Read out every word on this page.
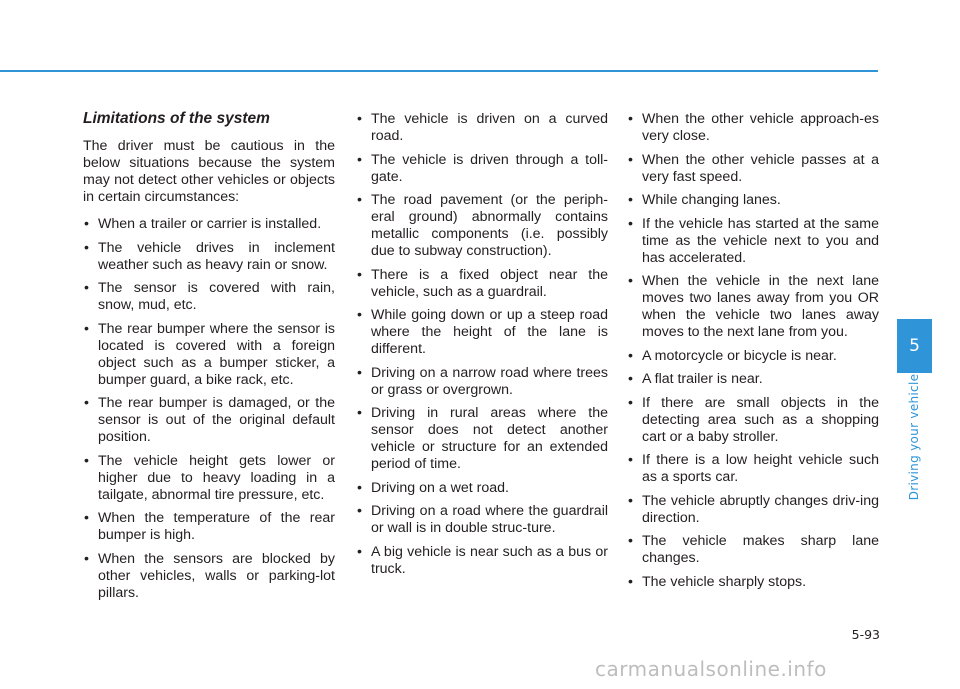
Limitations of the system
The driver must be cautious in the below situations because the system may not detect other vehicles or objects in certain circumstances:
• When a trailer or carrier is installed.
• The vehicle drives in inclement weather such as heavy rain or snow.
• The sensor is covered with rain, snow, mud, etc.
• The rear bumper where the sensor is located is covered with a foreign object such as a bumper sticker, a bumper guard, a bike rack, etc.
• The rear bumper is damaged, or the sensor is out of the original default position.
• The vehicle height gets lower or higher due to heavy loading in a tailgate, abnormal tire pressure, etc.
• When the temperature of the rear bumper is high.
• When the sensors are blocked by other vehicles, walls or parking-lot pillars.
• The vehicle is driven on a curved road.
• The vehicle is driven through a toll-gate.
• The road pavement (or the periph-eral ground) abnormally contains metallic components (i.e. possibly due to subway construction).
• There is a fixed object near the vehicle, such as a guardrail.
• While going down or up a steep road where the height of the lane is different.
• Driving on a narrow road where trees or grass or overgrown.
• Driving in rural areas where the sensor does not detect another vehicle or structure for an extended period of time.
• Driving on a wet road.
• Driving on a road where the guardrail or wall is in double struc-ture.
• A big vehicle is near such as a bus or truck.
• When the other vehicle approach-es very close.
• When the other vehicle passes at a very fast speed.
• While changing lanes.
• If the vehicle has started at the same time as the vehicle next to you and has accelerated.
• When the vehicle in the next lane moves two lanes away from you OR when the vehicle two lanes away moves to the next lane from you.
• A motorcycle or bicycle is near.
• A flat trailer is near.
• If there are small objects in the detecting area such as a shopping cart or a baby stroller.
• If there is a low height vehicle such as a sports car.
• The vehicle abruptly changes driv-ing direction.
• The vehicle makes sharp lane changes.
• The vehicle sharply stops.
5
Driving your vehicle
5-93
carmanualsonline.info
